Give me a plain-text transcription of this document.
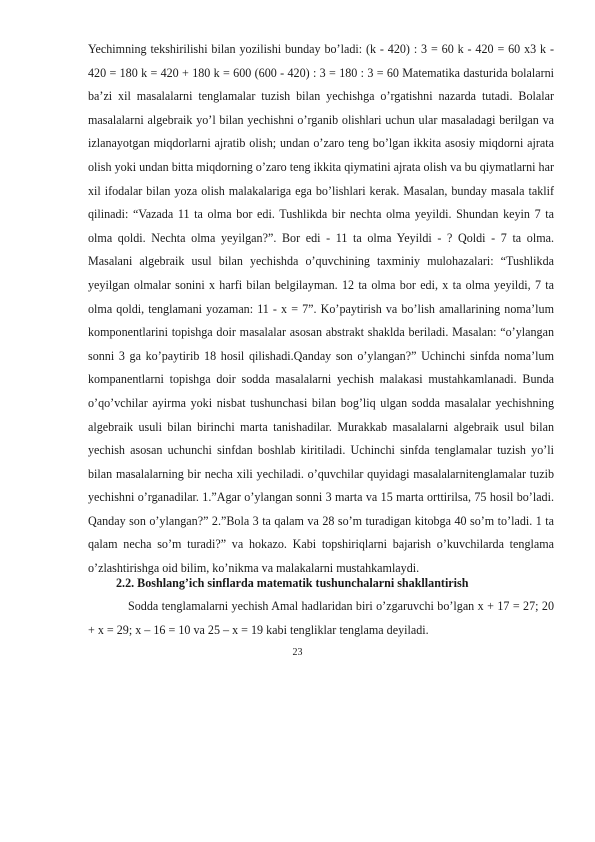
Yechimning tekshirilishi bilan yozilishi bunday bo’ladi: (k - 420) : 3 = 60 k - 420 = 60 x3 k - 420 = 180 k = 420 + 180 k = 600 (600 - 420) : 3 = 180 : 3 = 60 Matematika dasturida bolalarni ba’zi xil masalalarni tenglamalar tuzish bilan yechishga o’rgatishni nazarda tutadi. Bolalar masalalarni algebraik yo’l bilan yechishni o’rganib olishlari uchun ular masaladagi berilgan va izlanayotgan miqdorlarni ajratib olish; undan o’zaro teng bo’lgan ikkita asosiy miqdorni ajrata olish yoki undan bitta miqdorning o’zaro teng ikkita qiymatini ajrata olish va bu qiymatlarni har xil ifodalar bilan yoza olish malakalariga ega bo’lishlari kerak. Masalan, bunday masala taklif qilinadi: “Vazada 11 ta olma bor edi. Tushlikda bir nechta olma yeyildi. Shundan keyin 7 ta olma qoldi. Nechta olma yeyilgan?”. Bor edi - 11 ta olma Yeyildi - ? Qoldi - 7 ta olma. Masalani algebraik usul bilan yechishda o’quvchining taxminiy mulohazalari: “Tushlikda yeyilgan olmalar sonini x harfi bilan belgilayman. 12 ta olma bor edi, x ta olma yeyildi, 7 ta olma qoldi, tenglamani yozaman: 11 - x = 7”. Ko’paytirish va bo’lish amallarining noma’lum komponentlarini topishga doir masalalar asosan abstrakt shaklda beriladi. Masalan: “o’ylangan sonni 3 ga ko’paytirib 18 hosil qilishadi.Qanday son o’ylangan?” Uchinchi sinfda noma’lum kompanentlarni topishga doir sodda masalalarni yechish malakasi mustahkamlanadi. Bunda o’qo’vchilar ayirma yoki nisbat tushunchasi bilan bog’liq ulgan sodda masalalar yechishning algebraik usuli bilan birinchi marta tanishadilar. Murakkab masalalarni algebraik usul bilan yechish asosan uchunchi sinfdan boshlab kiritiladi. Uchinchi sinfda tenglamalar tuzish yo’li bilan masalalarning bir necha xili yechiladi. o’quvchilar quyidagi masalalarnitenglamalar tuzib yechishni o’rganadilar. 1.”Agar o’ylangan sonni 3 marta va 15 marta orttirilsa, 75 hosil bo’ladi. Qanday son o’ylangan?” 2.”Bola 3 ta qalam va 28 so’m turadigan kitobga 40 so’m to’ladi. 1 ta qalam necha so’m turadi?” va hokazo. Kabi topshiriqlarni bajarish o’kuvchilarda tenglama o’zlashtirishga oid bilim, ko’nikma va malakalarni mustahkamlaydi.

2.2. Boshlang’ich sinflarda matematik tushunchalarni shakllantirish

Sodda tenglamalarni yechish Amal hadlaridan biri o’zgaruvchi bo’lgan x + 17 = 27; 20 + x = 29; x – 16 = 10 va 25 – x = 19 kabi tengliklar tenglama deyiladi.

23
